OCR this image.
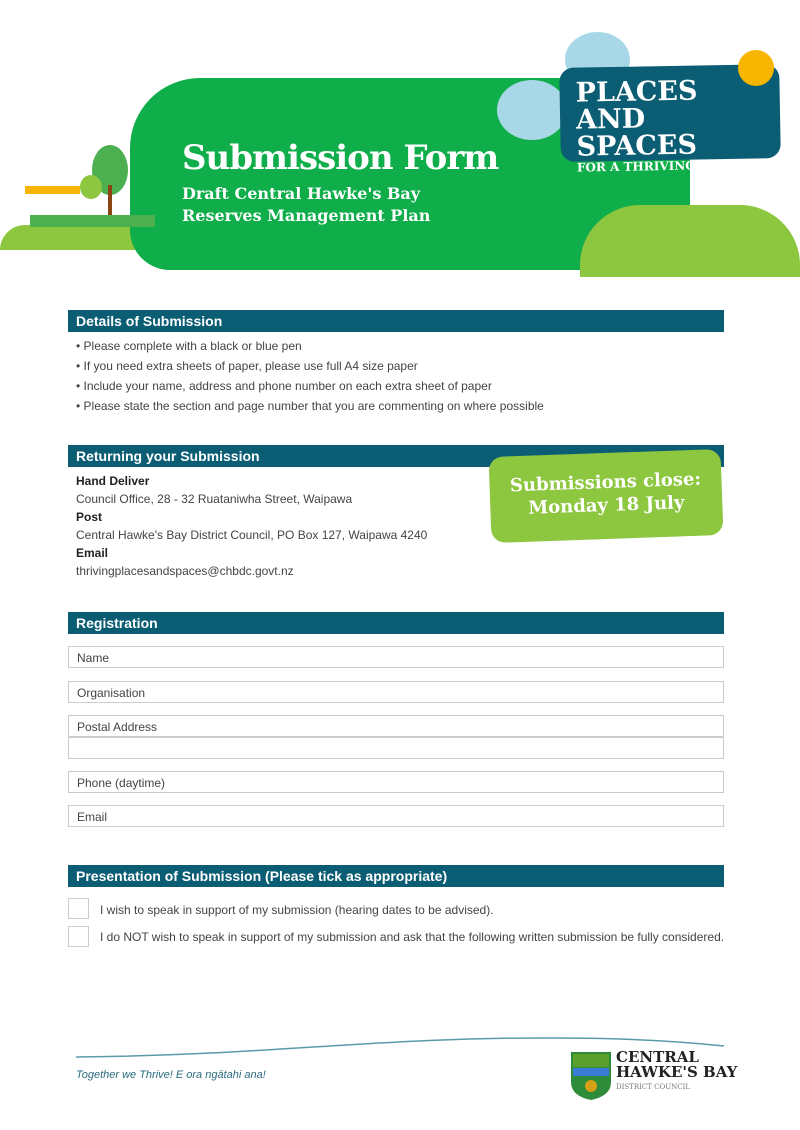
Submission Form
Draft Central Hawke's Bay
Reserves Management Plan
PLACES
AND SPACES
FOR A THRIVING FUTURE
Details of Submission
• Please complete with a black or blue pen
• If you need extra sheets of paper, please use full A4 size paper
• Include your name, address and phone number on each extra sheet of paper
• Please state the section and page number that you are commenting on where possible
Returning your Submission
Hand Deliver
Council Office, 28 - 32 Ruataniwha Street, Waipawa
Post
Central Hawke's Bay District Council, PO Box 127, Waipawa 4240
Email
thrivingplacesandspaces@chbdc.govt.nz
Submissions close:
Monday 18 July
Registration
Name
Organisation
Postal Address
Phone (daytime)
Email
Presentation of Submission (Please tick as appropriate)
I wish to speak in support of my submission (hearing dates to be advised).
I do NOT wish to speak in support of my submission and ask that the following written submission be fully considered.
Together we Thrive! E ora ngātahi ana!
CENTRAL
HAWKE'S BAY
DISTRICT COUNCIL
